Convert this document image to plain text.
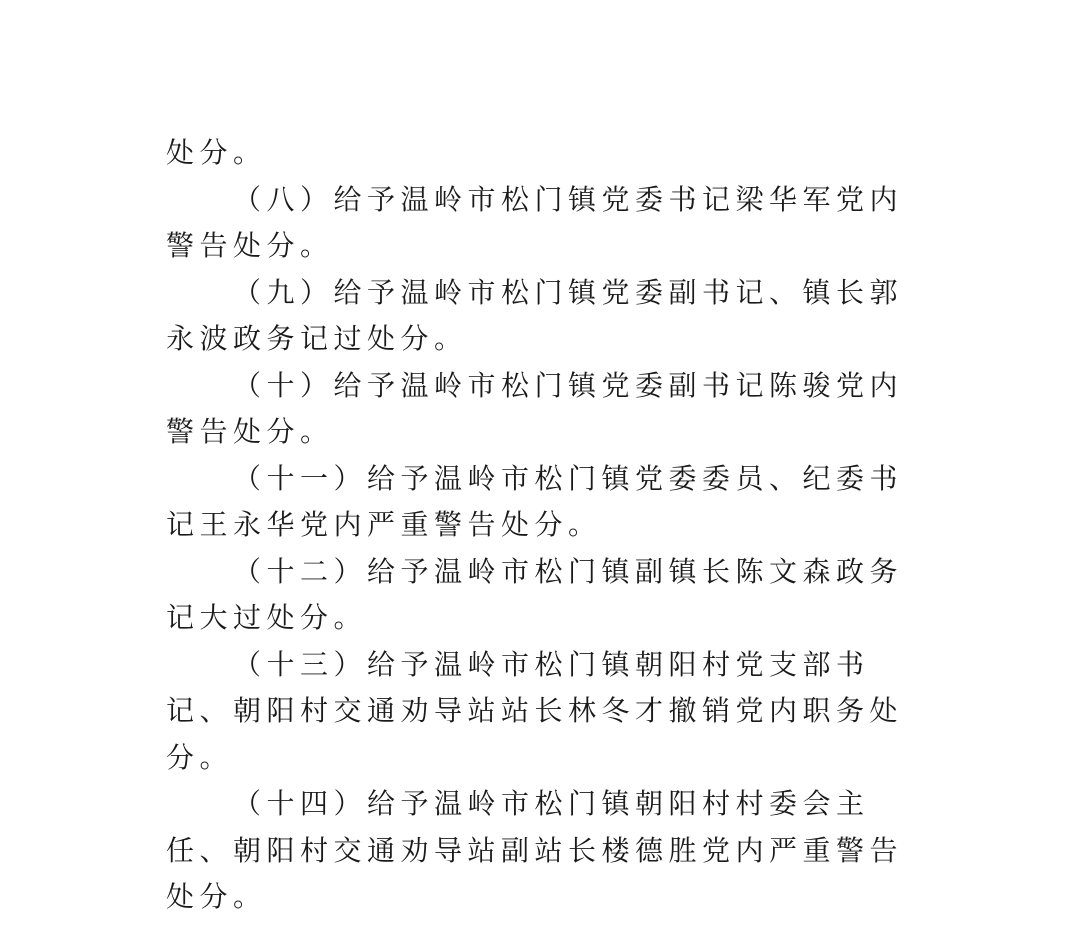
处分。

（八）给予温岭市松门镇党委书记梁华军党内警告处分。

（九）给予温岭市松门镇党委副书记、镇长郭永波政务记过处分。

（十）给予温岭市松门镇党委副书记陈骏党内警告处分。

（十一）给予温岭市松门镇党委委员、纪委书记王永华党内严重警告处分。

（十二）给予温岭市松门镇副镇长陈文森政务记大过处分。

（十三）给予温岭市松门镇朝阳村党支部书记、朝阳村交通劝导站站长林冬才撤销党内职务处分。

（十四）给予温岭市松门镇朝阳村村委会主任、朝阳村交通劝导站副站长楼德胜党内严重警告处分。
